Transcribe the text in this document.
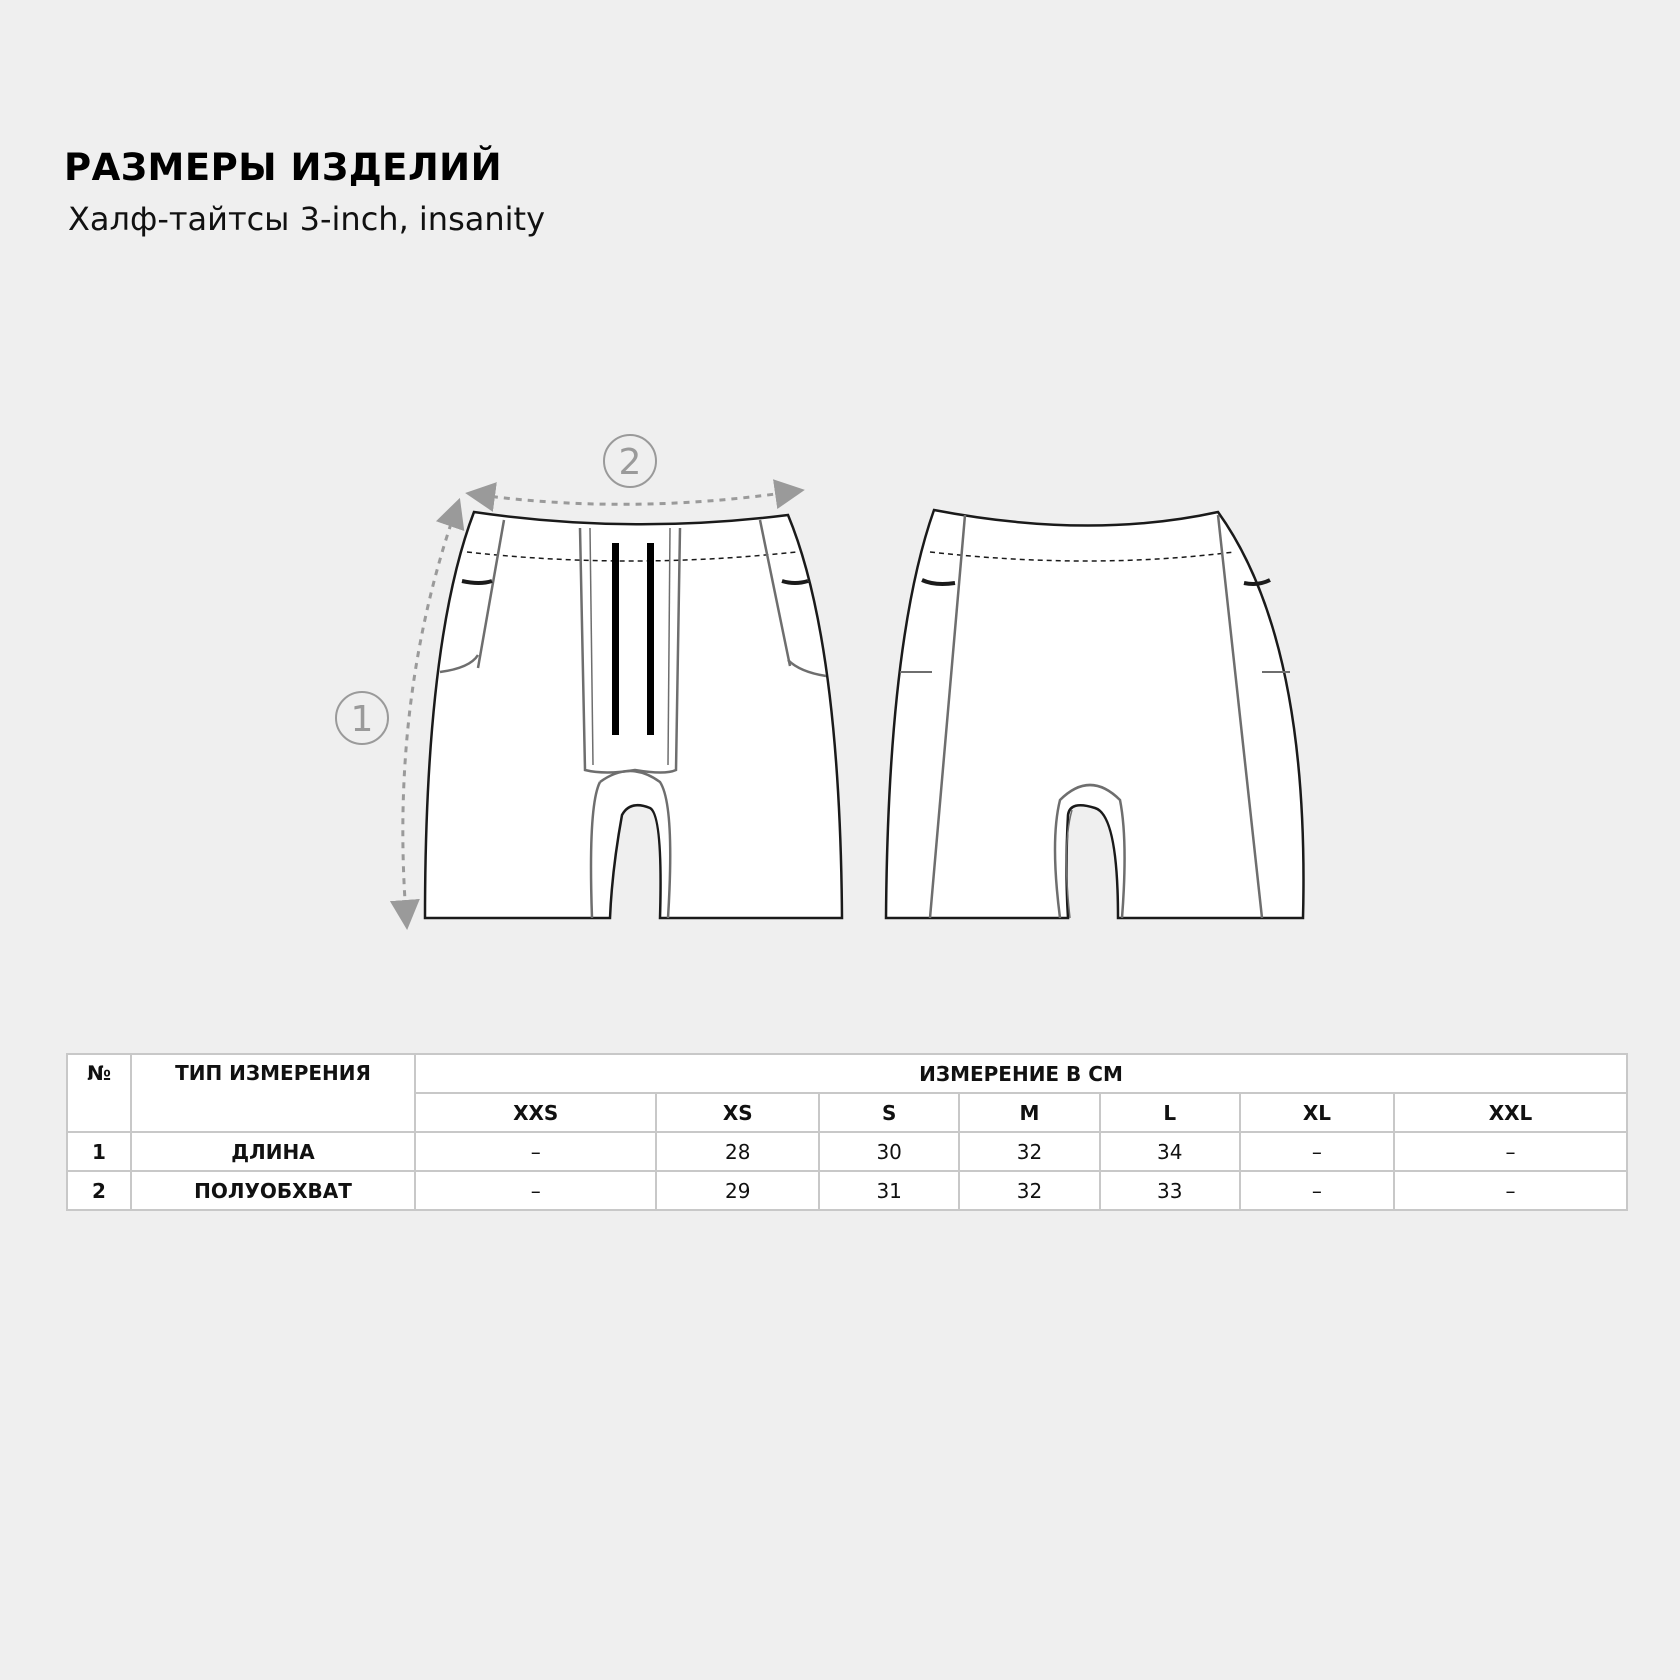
РАЗМЕРЫ ИЗДЕЛИЙ
Халф-тайтсы 3-inch, insanity
2
1
№	ТИП ИЗМЕРЕНИЯ	ИЗМЕРЕНИЕ В СМ						
		XXS	XS	S	M	L	XL	XXL
1	ДЛИНА	–	28	30	32	34	–	–
2	ПОЛУОБХВАТ	–	29	31	32	33	–	–
